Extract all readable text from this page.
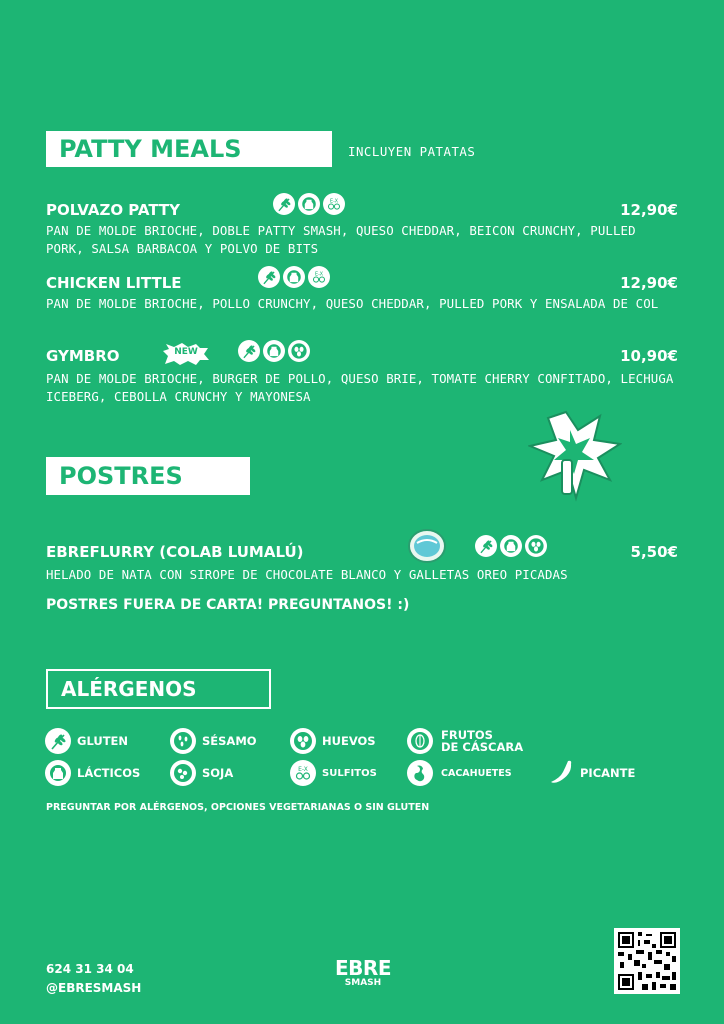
PATTY MEALS	INCLUYEN PATATAS
POLVAZO PATTY	E-X	12,90€
PAN DE MOLDE BRIOCHE, DOBLE PATTY SMASH, QUESO CHEDDAR, BEICON CRUNCHY, PULLED PORK, SALSA BARBACOA Y POLVO DE BITS
CHICKEN LITTLE	E-X	12,90€
PAN DE MOLDE BRIOCHE, POLLO CRUNCHY, QUESO CHEDDAR, PULLED PORK Y ENSALADA DE COL
GYMBRO	NEW	10,90€
PAN DE MOLDE BRIOCHE, BURGER DE POLLO, QUESO BRIE, TOMATE CHERRY CONFITADO, LECHUGA ICEBERG, CEBOLLA CRUNCHY Y MAYONESA
POSTRES
EBREFLURRY (COLAB LUMALÚ)	5,50€
HELADO DE NATA CON SIROPE DE CHOCOLATE BLANCO Y GALLETAS OREO PICADAS
POSTRES FUERA DE CARTA! PREGUNTANOS! :)
ALÉRGENOS
GLUTEN	SÉSAMO	HUEVOS	FRUTOS
DE CÁSCARA
LÁCTICOS	SOJA	E-X SULFITOS	CACAHUETES	PICANTE
PREGUNTAR POR ALÉRGENOS, OPCIONES VEGETARIANAS O SIN GLUTEN
624 31 34 04
@EBRESMASH
EBRE
SMASH
